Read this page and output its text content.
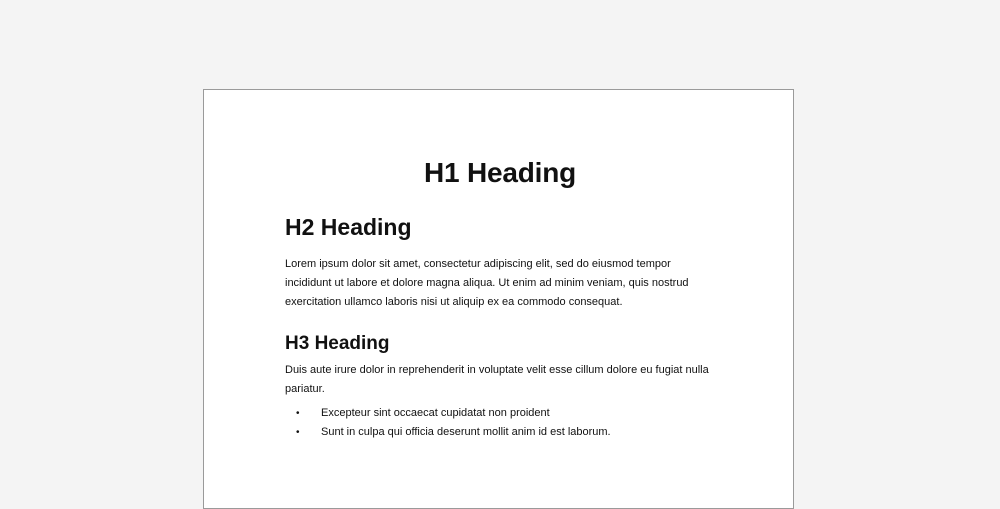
H1 Heading
H2 Heading

Lorem ipsum dolor sit amet, consectetur adipiscing elit, sed do eiusmod tempor incididunt ut labore et dolore magna aliqua. Ut enim ad minim veniam, quis nostrud exercitation ullamco laboris nisi ut aliquip ex ea commodo consequat.

H3 Heading

Duis aute irure dolor in reprehenderit in voluptate velit esse cillum dolore eu fugiat nulla pariatur.

• Excepteur sint occaecat cupidatat non proident
• Sunt in culpa qui officia deserunt mollit anim id est laborum.
